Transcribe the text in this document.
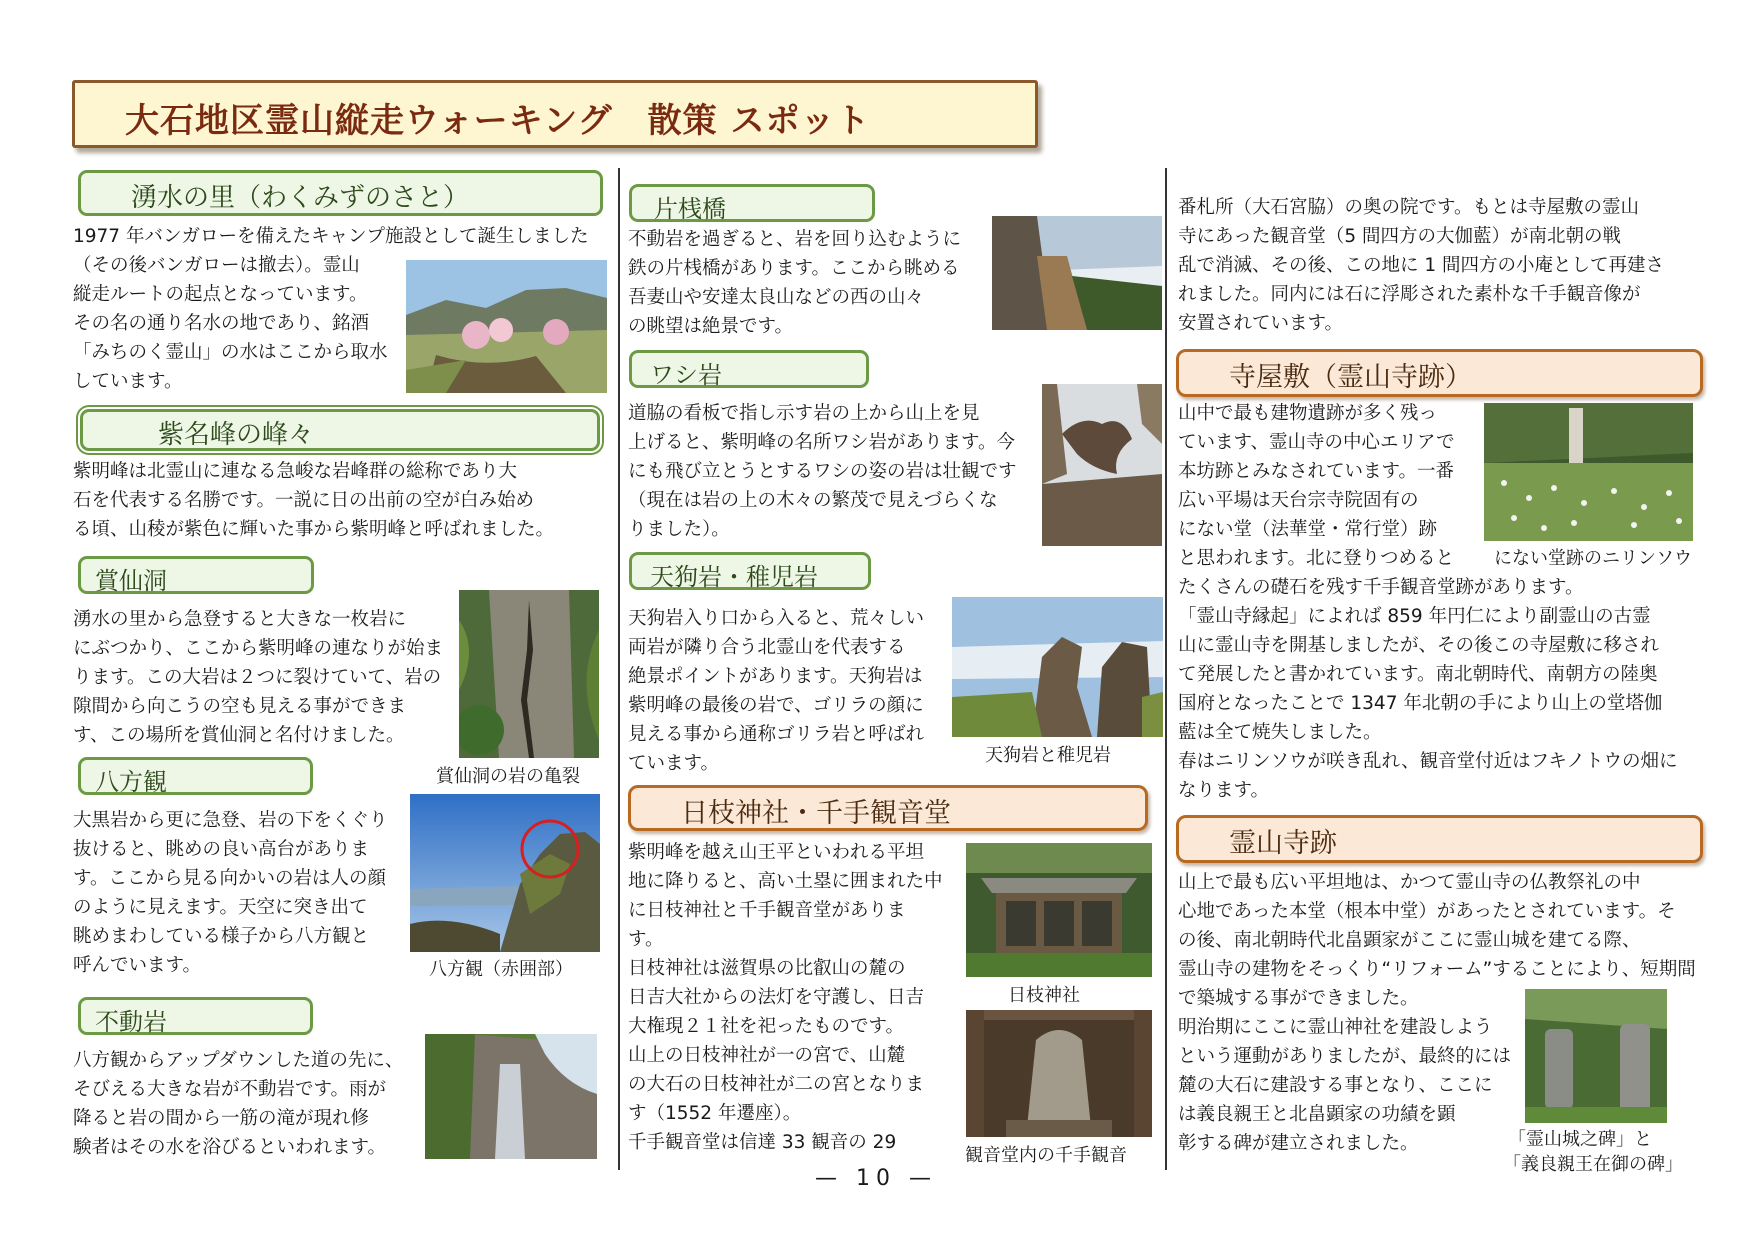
大石地区霊山縦走ウォーキング　散策 スポット
湧水の里（わくみずのさと）

1977 年バンガローを備えたキャンプ施設として誕生しました

（その後バンガローは撤去）。霊山
縦走ルートの起点となっています。
その名の通り名水の地であり、銘酒
「みちのく霊山」の水はここから取水
しています。

紫名峰の峰々

紫明峰は北霊山に連なる急峻な岩峰群の総称であり大
石を代表する名勝です。一説に日の出前の空が白み始め
る頃、山稜が紫色に輝いた事から紫明峰と呼ばれました。

賞仙洞

湧水の里から急登すると大きな一枚岩に
にぶつかり、ここから紫明峰の連なりが始ま
ります。この大岩は２つに裂けていて、岩の
隙間から向こうの空も見える事ができま
す、この場所を賞仙洞と名付けました。

賞仙洞の岩の亀裂
八方観

大黒岩から更に急登、岩の下をくぐり
抜けると、眺めの良い高台がありま
す。ここから見る向かいの岩は人の顔
のように見えます。天空に突き出て
眺めまわしている様子から八方観と
呼んでいます。	八方観（赤囲部）
不動岩

八方観からアップダウンした道の先に、
そびえる大きな岩が不動岩です。雨が
降ると岩の間から一筋の滝が現れ修
験者はその水を浴びるといわれます。

片桟橋

不動岩を過ぎると、岩を回り込むように
鉄の片桟橋があります。ここから眺める
吾妻山や安達太良山などの西の山々
の眺望は絶景です。

ワシ岩

道脇の看板で指し示す岩の上から山上を見
上げると、紫明峰の名所ワシ岩があります。今
にも飛び立とうとするワシの姿の岩は壮観です
（現在は岩の上の木々の繁茂で見えづらくな
りました）。

天狗岩・稚児岩

天狗岩入り口から入ると、荒々しい
両岩が隣り合う北霊山を代表する
絶景ポイントがあります。天狗岩は
紫明峰の最後の岩で、ゴリラの顔に
見える事から通称ゴリラ岩と呼ばれ
ています。	天狗岩と稚児岩
日枝神社・千手観音堂

紫明峰を越え山王平といわれる平坦
地に降りると、高い土塁に囲まれた中
に日枝神社と千手観音堂がありま
す。
日枝神社は滋賀県の比叡山の麓の
日吉大社からの法灯を守護し、日吉
大権現２１社を祀ったものです。
山上の日枝神社が一の宮で、山麓
の大石の日枝神社が二の宮となりま
す（1552 年遷座）。
千手観音堂は信達 33 観音の 29

日枝神社
観音堂内の千手観音

番札所（大石宮脇）の奥の院です。もとは寺屋敷の霊山
寺にあった観音堂（5 間四方の大伽藍）が南北朝の戦
乱で消滅、その後、この地に 1 間四方の小庵として再建さ
れました。同内には石に浮彫された素朴な千手観音像が
安置されています。

寺屋敷（霊山寺跡）

山中で最も建物遺跡が多く残っ
ています、霊山寺の中心エリアで
本坊跡とみなされています。一番
広い平場は天台宗寺院固有の
にない堂（法華堂・常行堂）跡
と思われます。北に登りつめると	にない堂跡のニリンソウ

たくさんの礎石を残す千手観音堂跡があります。
「霊山寺縁起」によれば 859 年円仁により副霊山の古霊
山に霊山寺を開基しましたが、その後この寺屋敷に移され
て発展したと書かれています。南北朝時代、南朝方の陸奥
国府となったことで 1347 年北朝の手により山上の堂塔伽
藍は全て焼失しました。
春はニリンソウが咲き乱れ、観音堂付近はフキノトウの畑に
なります。

霊山寺跡

山上で最も広い平坦地は、かつて霊山寺の仏教祭礼の中
心地であった本堂（根本中堂）があったとされています。そ
の後、南北朝時代北畠顕家がここに霊山城を建てる際、
霊山寺の建物をそっくり“リフォーム”することにより、短期間
で築城する事ができました。

明治期にここに霊山神社を建設しよう
という運動がありましたが、最終的には
麓の大石に建設する事となり、ここに
は義良親王と北畠顕家の功績を顕
彰する碑が建立されました。	「霊山城之碑」と
「義良親王在御の碑」
— 10 —
